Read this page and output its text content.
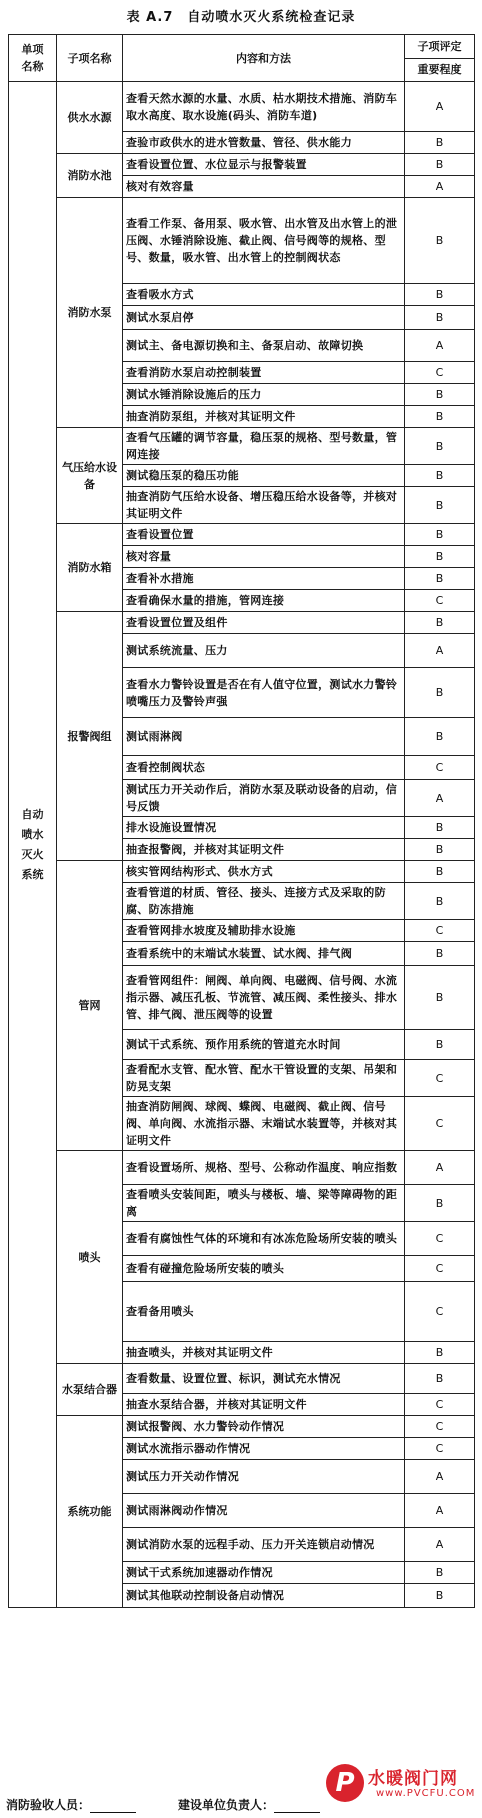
表 A.7　自动喷水灭火系统检查记录
单项名称	子项名称	内容和方法	子项评定
			重要程度

自动喷水灭火系统	供水水源	查看天然水源的水量、水质、枯水期技术措施、消防车取水高度、取水设施(码头、消防车道)	A
		查验市政供水的进水管数量、管径、供水能力	B
	消防水池	查看设置位置、水位显示与报警装置	B
		核对有效容量	A
	消防水泵	查看工作泵、备用泵、吸水管、出水管及出水管上的泄压阀、水锤消除设施、截止阀、信号阀等的规格、型号、数量，吸水管、出水管上的控制阀状态	B
		查看吸水方式	B
		测试水泵启停	B
		测试主、备电源切换和主、备泵启动、故障切换	A
		查看消防水泵启动控制装置	C
		测试水锤消除设施后的压力	B
		抽查消防泵组，并核对其证明文件	B
	气压给水设备	查看气压罐的调节容量，稳压泵的规格、型号数量，管网连接	B
		测试稳压泵的稳压功能	B
		抽查消防气压给水设备、增压稳压给水设备等，并核对其证明文件	B
	消防水箱	查看设置位置	B
		核对容量	B
		查看补水措施	B
		查看确保水量的措施，管网连接	C
	报警阀组	查看设置位置及组件	B
		测试系统流量、压力	A
		查看水力警铃设置是否在有人值守位置，测试水力警铃喷嘴压力及警铃声强	B
		测试雨淋阀	B
		查看控制阀状态	C
		测试压力开关动作后，消防水泵及联动设备的启动，信号反馈	A
		排水设施设置情况	B
		抽查报警阀，并核对其证明文件	B
	管网	核实管网结构形式、供水方式	B
		查看管道的材质、管径、接头、连接方式及采取的防腐、防冻措施	B
		查看管网排水坡度及辅助排水设施	C
		查看系统中的末端试水装置、试水阀、排气阀	B
		查看管网组件：闸阀、单向阀、电磁阀、信号阀、水流指示器、减压孔板、节流管、减压阀、柔性接头、排水管、排气阀、泄压阀等的设置	B
		测试干式系统、预作用系统的管道充水时间	B
		查看配水支管、配水管、配水干管设置的支架、吊架和防晃支架	C
		抽查消防闸阀、球阀、蝶阀、电磁阀、截止阀、信号阀、单向阀、水流指示器、末端试水装置等，并核对其证明文件	C
	喷头	查看设置场所、规格、型号、公称动作温度、响应指数	A
		查看喷头安装间距，喷头与楼板、墙、梁等障碍物的距离	B
		查看有腐蚀性气体的环境和有冰冻危险场所安装的喷头	C
		查看有碰撞危险场所安装的喷头	C
		查看备用喷头	C
		抽查喷头，并核对其证明文件	B
	水泵结合器	查看数量、设置位置、标识，测试充水情况	B
		抽查水泵结合器，并核对其证明文件	C
	系统功能	测试报警阀、水力警铃动作情况	C
		测试水流指示器动作情况	C
		测试压力开关动作情况	A
		测试雨淋阀动作情况	A
		测试消防水泵的远程手动、压力开关连锁启动情况	A
		测试干式系统加速器动作情况	B
		测试其他联动控制设备启动情况	B
消防验收人员：	建设单位负责人：
P 水暖阀门网
www.PVCFU.COM
